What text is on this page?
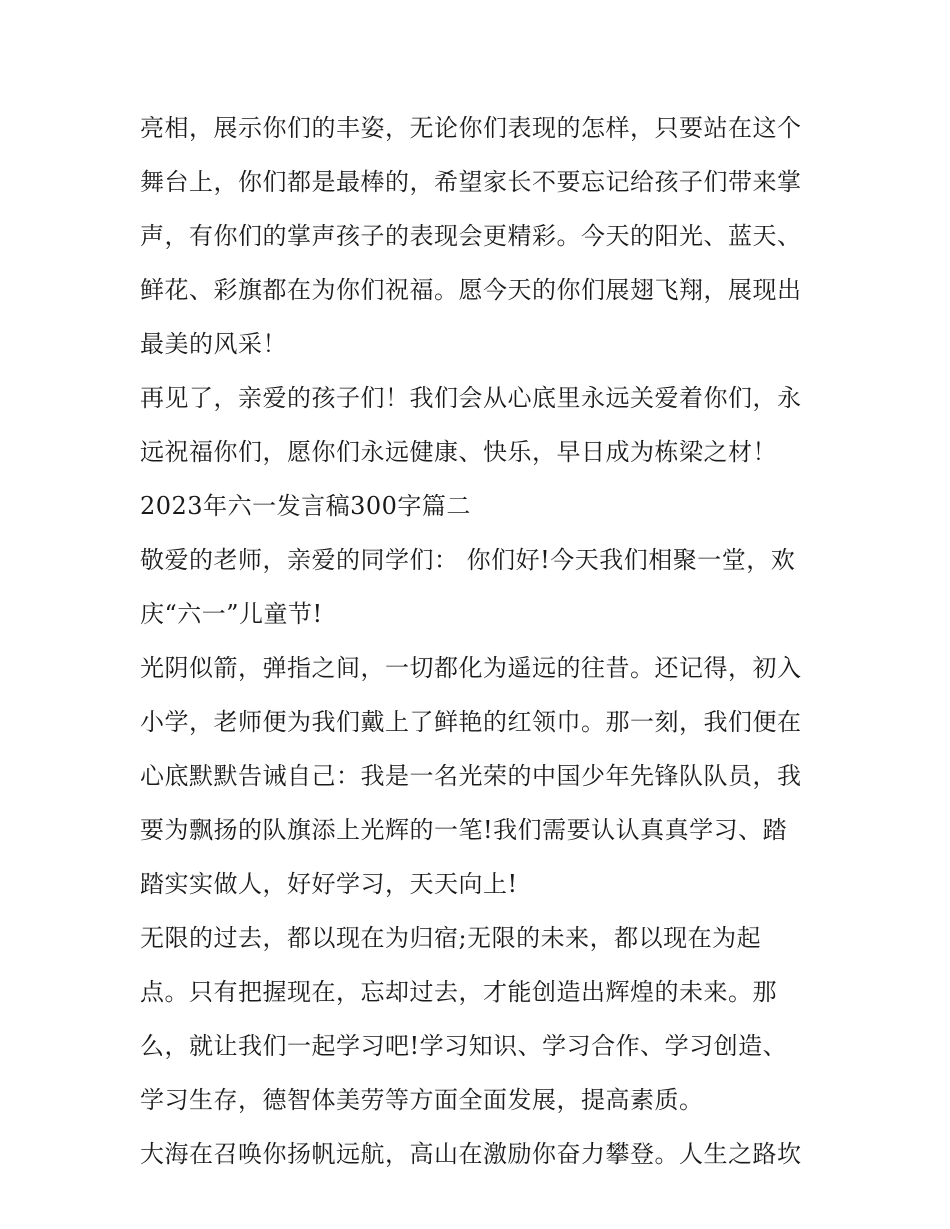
亮相，展示你们的丰姿，无论你们表现的怎样，只要站在这个
舞台上，你们都是最棒的，希望家长不要忘记给孩子们带来掌
声，有你们的掌声孩子的表现会更精彩。今天的阳光、蓝天、
鲜花、彩旗都在为你们祝福。愿今天的你们展翅飞翔，展现出
最美的风采！
再见了，亲爱的孩子们！我们会从心底里永远关爱着你们，永
远祝福你们，愿你们永远健康、快乐，早日成为栋梁之材！
2023年六一发言稿300字篇二
敬爱的老师，亲爱的同学们： 你们好!今天我们相聚一堂，欢
庆“六一”儿童节!
光阴似箭，弹指之间，一切都化为遥远的往昔。还记得，初入
小学，老师便为我们戴上了鲜艳的红领巾。那一刻，我们便在
心底默默告诫自己：我是一名光荣的中国少年先锋队队员，我
要为飘扬的队旗添上光辉的一笔!我们需要认认真真学习、踏
踏实实做人，好好学习，天天向上!
无限的过去，都以现在为归宿;无限的未来，都以现在为起
点。只有把握现在，忘却过去，才能创造出辉煌的未来。那
么，就让我们一起学习吧!学习知识、学习合作、学习创造、
学习生存，德智体美劳等方面全面发展，提高素质。
大海在召唤你扬帆远航，高山在激励你奋力攀登。人生之路坎
